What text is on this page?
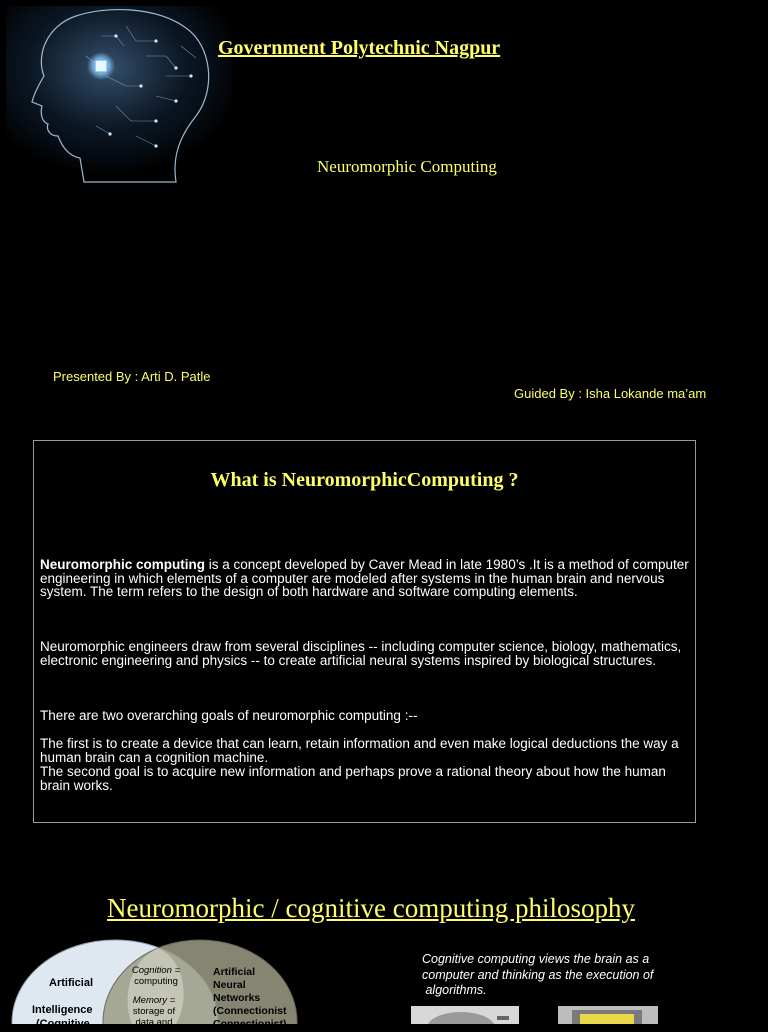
Government Polytechnic Nagpur
Neuromorphic Computing
Presented By : Arti D. Patle
Guided By : Isha Lokande ma’am
What is NeuromorphicComputing ?
Neuromorphic computing is a concept developed by Caver Mead in late 1980’s .It is a method of computer engineering in which elements of a computer are modeled after systems in the human brain and nervous system. The term refers to the design of both hardware and software computing elements.
Neuromorphic engineers draw from several disciplines -- including computer science, biology, mathematics, electronic engineering and physics -- to create artificial neural systems inspired by biological structures.
There are two overarching goals of neuromorphic computing :--
The first is to create a device that can learn, retain information and even make logical deductions the way a human brain can a cognition machine.
The second goal is to acquire new information and perhaps prove a rational theory about how the human brain works.
Neuromorphic / cognitive computing philosophy
Artificial
Intelligence
(Cognitive
Cognition =
computing
Memory =
storage of
data and
Artificial
Neural
Networks
(Connectionist
Connectionist)
Cognitive computing views the brain as a
computer and thinking as the execution of
algorithms.
